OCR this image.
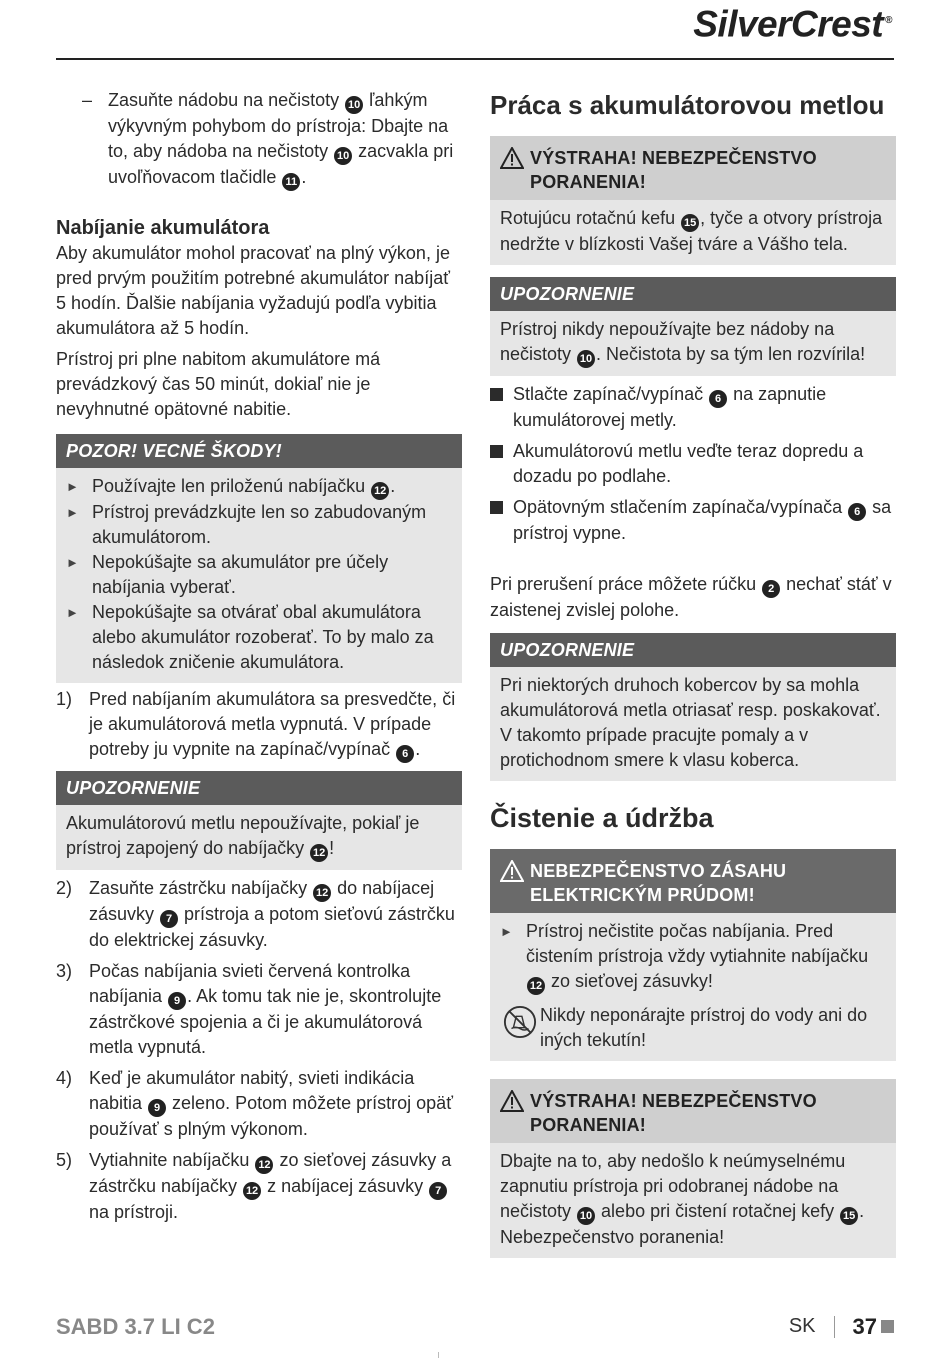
SilverCrest ®
– Zasuňte nádobu na nečistoty 10 ľahkým výkyvným pohybom do prístroja: Dbajte na to, aby nádoba na nečistoty 10 zacvakla pri uvoľňovacom tlačidle 11 .

Nabíjanie akumulátora

Aby akumulátor mohol pracovať na plný výkon, je pred prvým použitím potrebné akumulátor nabíjať 5 hodín. Ďalšie nabíjania vyžadujú podľa vybitia akumulátora až 5 hodín.

Prístroj pri plne nabitom akumulátore má prevádzkový čas 50 minút, dokiaľ nie je nevyhnutné opätovné nabitie.

POZOR! VECNÉ ŠKODY!
► Používajte len priloženú nabíjačku 12 .
► Prístroj prevádzkujte len so zabudovaným akumulátorom.
► Nepokúšajte sa akumulátor pre účely nabíjania vyberať.
► Nepokúšajte sa otvárať obal akumulátora alebo akumulátor rozoberať. To by malo za následok zničenie akumulátora.
1) Pred nabíjaním akumulátora sa presvedčte, či je akumulátorová metla vypnutá. V prípade potreby ju vypnite na zapínač/vypínač 6 .
UPOZORNENIE
Akumulátorovú metlu nepoužívajte, pokiaľ je prístroj zapojený do nabíjačky 12 !
2) Zasuňte zástrčku nabíjačky 12 do nabíjacej zásuvky 7 prístroja a potom sieťovú zástrčku do elektrickej zásuvky.
3) Počas nabíjania svieti červená kontrolka nabíjania 9 . Ak tomu tak nie je, skontrolujte zástrčkové spojenia a či je akumulátorová metla vypnutá.
4) Keď je akumulátor nabitý, svieti indikácia nabitia 9 zeleno. Potom môžete prístroj opäť používať s plným výkonom.
5) Vytiahnite nabíjačku 12 zo sieťovej zásuvky a zástrčku nabíjačky 12 z nabíjacej zásuvky 7 na prístroji.

Práca s akumulátorovou metlou

VÝSTRAHA! NEBEZPEČENSTVO PORANENIA!
Rotujúcu rotačnú kefu 15 , tyče a otvory prístroja nedržte v blízkosti Vašej tváre a Vášho tela.
UPOZORNENIE
Prístroj nikdy nepoužívajte bez nádoby na nečistoty 10 . Nečistota by sa tým len rozvírila!
Stlačte zapínač/vypínač 6 na zapnutie kumulátorovej metly.
Akumulátorovú metlu veďte teraz dopredu a dozadu po podlahe.
Opätovným stlačením zapínača/vypínača 6 sa prístroj vypne.

Pri prerušení práce môžete rúčku 2 nechať stáť v zaistenej zvislej polohe.

UPOZORNENIE
Pri niektorých druhoch kobercov by sa mohla akumulátorová metla otriasať resp. poskakovať. V takomto prípade pracujte pomaly a v protichodnom smere k vlasu koberca.

Čistenie a údržba

NEBEZPEČENSTVO ZÁSAHU ELEKTRICKÝM PRÚDOM!
► Prístroj nečistite počas nabíjania. Pred čistením prístroja vždy vytiahnite nabíjačku 12 zo sieťovej zásuvky!
Nikdy neponárajte prístroj do vody ani do iných tekutín!
VÝSTRAHA! NEBEZPEČENSTVO PORANENIA!
Dbajte na to, aby nedošlo k neúmyselnému zapnutiu prístroja pri odobranej nádobe na nečistoty 10 alebo pri čistení rotačnej kefy 15 . Nebezpečenstvo poranenia!
SABD 3.7 LI C2	SK 37
